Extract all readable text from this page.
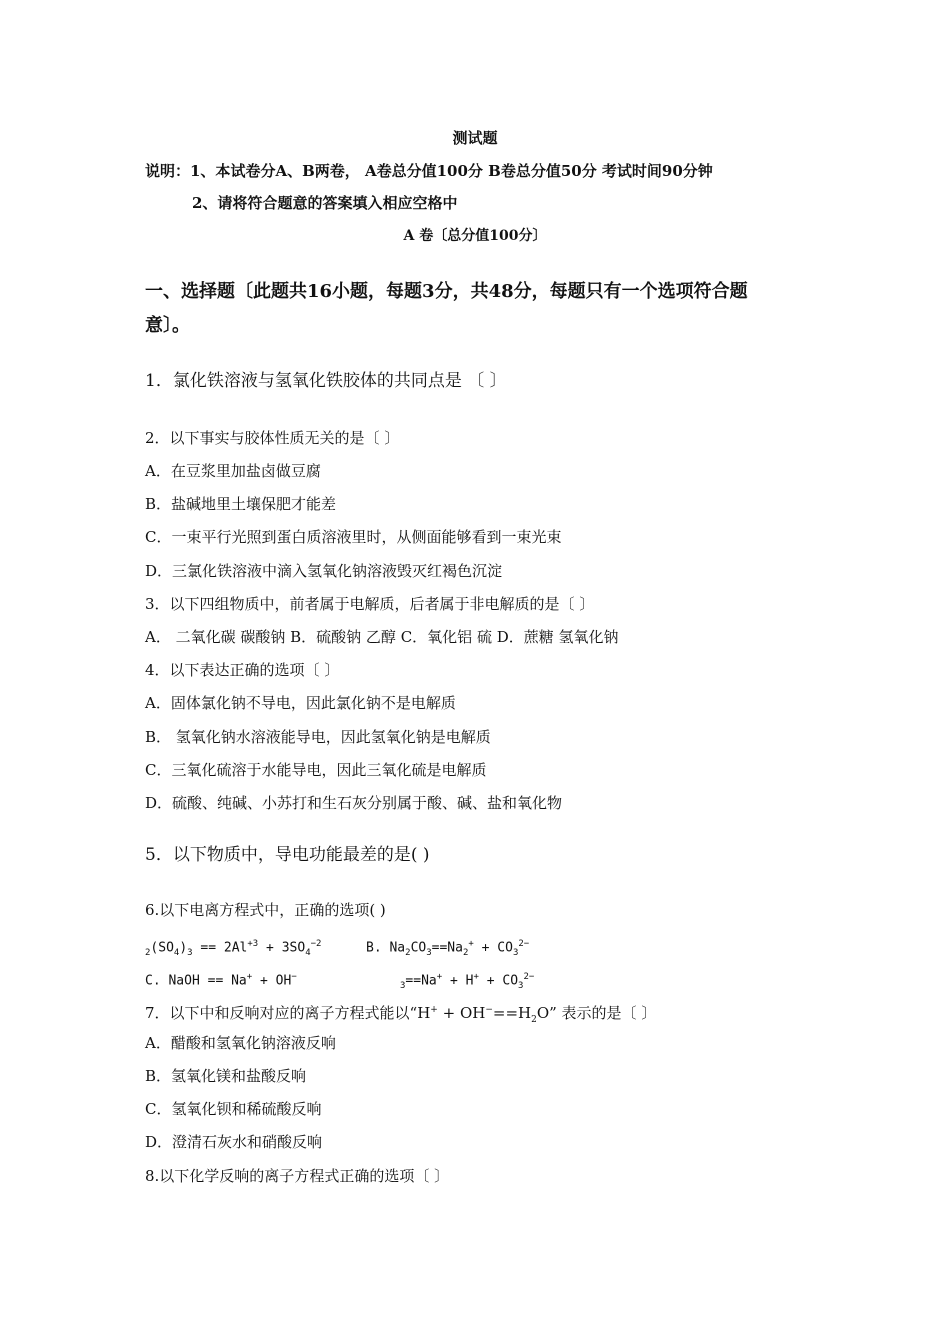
测试题
说明：1、本试卷分A、B两卷， A卷总分值100分 B卷总分值50分 考试时间90分钟
2、请将符合题意的答案填入相应空格中
A 卷〔总分值100分〕
一、选择题〔此题共16小题，每题3分，共48分，每题只有一个选项符合题
意〕。
1．氯化铁溶液与氢氧化铁胶体的共同点是 〔 〕
2．以下事实与胶体性质无关的是〔 〕
A．在豆浆里加盐卤做豆腐
B．盐碱地里土壤保肥才能差
C．一束平行光照到蛋白质溶液里时，从侧面能够看到一束光束
D．三氯化铁溶液中滴入氢氧化钠溶液毁灭红褐色沉淀
3．以下四组物质中，前者属于电解质，后者属于非电解质的是〔 〕
A． 二氧化碳 碳酸钠 B．硫酸钠 乙醇 C．氧化铝 硫 D．蔗糖 氢氧化钠
4．以下表达正确的选项〔 〕
A．固体氯化钠不导电，因此氯化钠不是电解质
B． 氢氧化钠水溶液能导电，因此氢氧化钠是电解质
C．三氧化硫溶于水能导电，因此三氧化硫是电解质
D．硫酸、纯碱、小苏打和生石灰分别属于酸、碱、盐和氧化物
5．以下物质中，导电功能最差的是( )
6.以下电离方程式中，正确的选项( )
$_2(SO_4)_3 == 2Al^{+3} + 3SO_4^{-2}$	B. $Na_2CO_3==Na_2^+ + CO_3^{2-}$
C. NaOH == Na+ + OH−
$_3==Na^+ + H^+ + CO_3^{2-}$
7．以下中和反响对应的离子方程式能以“$H^+ + OH^-==H_2O$” 表示的是〔 〕
A．醋酸和氢氧化钠溶液反响
B．氢氧化镁和盐酸反响
C．氢氧化钡和稀硫酸反响
D．澄清石灰水和硝酸反响
8.以下化学反响的离子方程式正确的选项〔 〕
